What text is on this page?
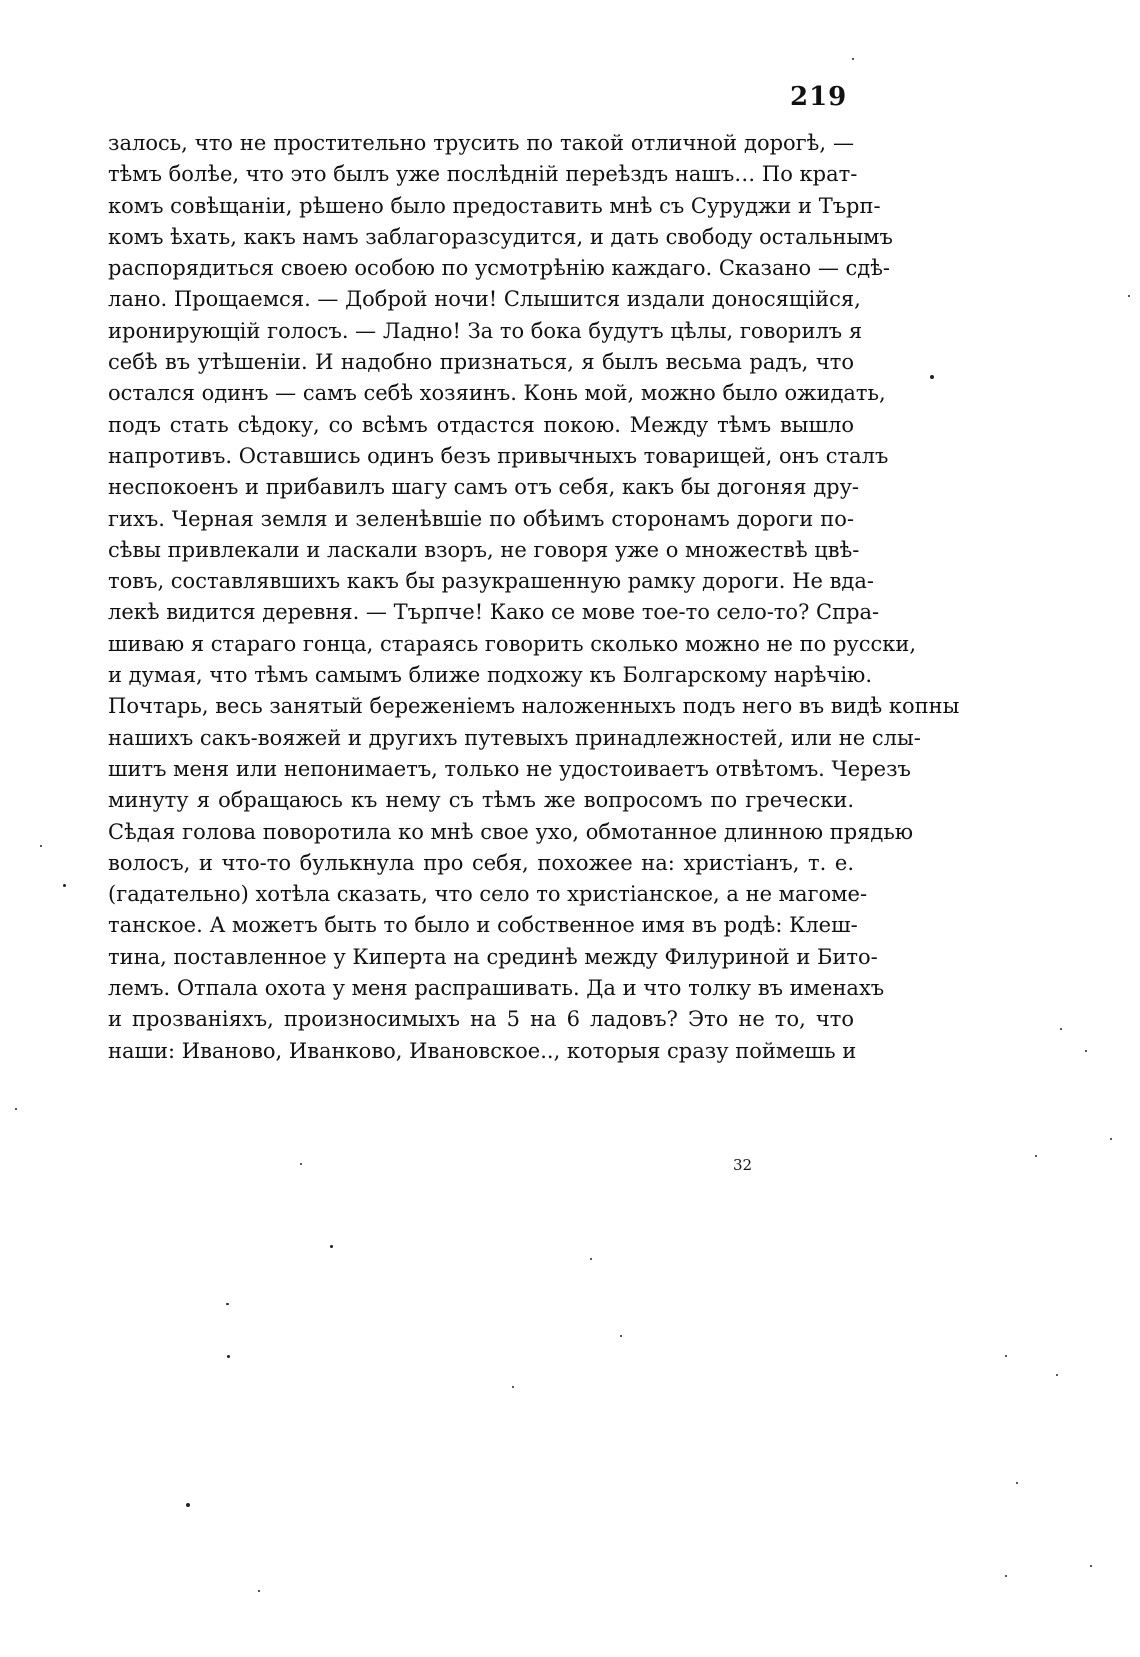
219
залось, что не простительно трусить по такой отличной дорогѣ, —
тѣмъ болѣе, что это былъ уже послѣднiй переѣздъ нашъ… По крат-
комъ совѣщанiи, рѣшено было предоставить мнѣ съ Суруджи и Търп-
комъ ѣхать, какъ намъ заблагоразсудится, и дать свободу остальнымъ
распорядиться своею особою по усмотрѣнiю каждаго. Сказано — сдѣ-
лано. Прощаемся. — Доброй ночи! Слышится издали доносящiйся,
иронирующiй голосъ. — Ладно! За то бока будутъ цѣлы, говорилъ я
себѣ въ утѣшенiи. И надобно признаться, я былъ весьма радъ, что
остался одинъ — самъ себѣ хозяинъ. Конь мой, можно было ожидать,
подъ стать сѣдоку, со всѣмъ отдастся покою. Между тѣмъ вышло
напротивъ. Оставшись одинъ безъ привычныхъ товарищей, онъ сталъ
неспокоенъ и прибавилъ шагу самъ отъ себя, какъ бы догоняя дру-
гихъ. Черная земля и зеленѣвшiе по обѣимъ сторонамъ дороги по-
сѣвы привлекали и ласкали взоръ, не говоря уже о множествѣ цвѣ-
товъ, составлявшихъ какъ бы разукрашенную рамку дороги. Не вда-
лекѣ видится деревня. — Търпче! Како се мове тое-то село-то? Спра-
шиваю я стараго гонца, стараясь говорить сколько можно не по русски,
и думая, что тѣмъ самымъ ближе подхожу къ Болгарскому нарѣчiю.
Почтарь, весь занятый береженiемъ наложенныхъ подъ него въ видѣ копны
нашихъ сакъ-вояжей и другихъ путевыхъ принадлежностей, или не слы-
шитъ меня или непонимаетъ, только не удостоиваетъ отвѣтомъ. Черезъ
минуту я обращаюсь къ нему съ тѣмъ же вопросомъ по гречески.
Сѣдая голова поворотила ко мнѣ свое ухо, обмотанное длинною прядью
волосъ, и что-то булькнула про себя, похожее на: христiанъ, т. е.
(гадательно) хотѣла сказать, что село то христiанское, а не магоме-
танское. А можетъ быть то было и собственное имя въ родѣ: Клеш-
тина, поставленное у Киперта на срединѣ между Филуриной и Бито-
лемъ. Отпала охота у меня распрашивать. Да и что толку въ именахъ
и прозванiяхъ, произносимыхъ на 5 на 6 ладовъ? Это не то, что
наши: Иваново, Иванково, Ивановское.., которыя сразу поймешь и
32
